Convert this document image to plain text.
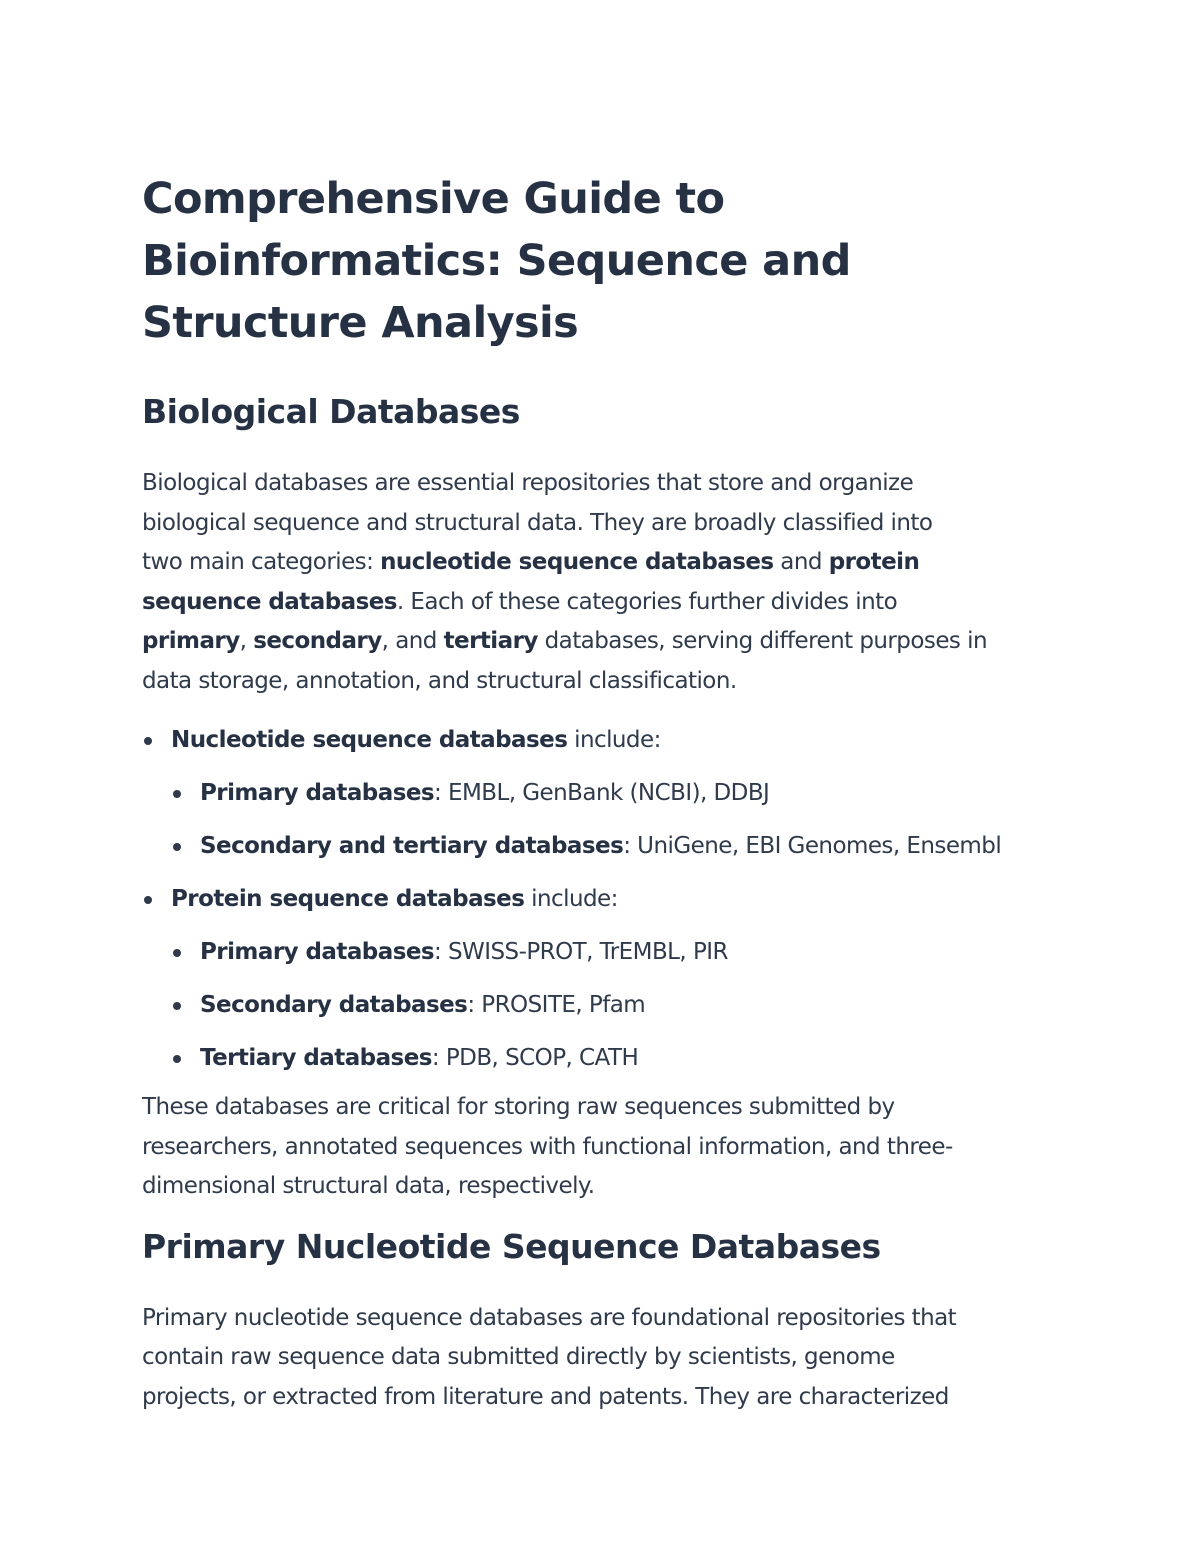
Comprehensive Guide to
Bioinformatics: Sequence and
Structure Analysis
Biological Databases

Biological databases are essential repositories that store and organize
biological sequence and structural data. They are broadly classified into
two main categories: nucleotide sequence databases and protein
sequence databases. Each of these categories further divides into
primary, secondary, and tertiary databases, serving different purposes in
data storage, annotation, and structural classification.

Nucleotide sequence databases include:
Primary databases: EMBL, GenBank (NCBI), DDBJ
Secondary and tertiary databases: UniGene, EBI Genomes, Ensembl
Protein sequence databases include:
Primary databases: SWISS-PROT, TrEMBL, PIR
Secondary databases: PROSITE, Pfam
Tertiary databases: PDB, SCOP, CATH

These databases are critical for storing raw sequences submitted by
researchers, annotated sequences with functional information, and three-
dimensional structural data, respectively.

Primary Nucleotide Sequence Databases

Primary nucleotide sequence databases are foundational repositories that
contain raw sequence data submitted directly by scientists, genome
projects, or extracted from literature and patents. They are characterized
